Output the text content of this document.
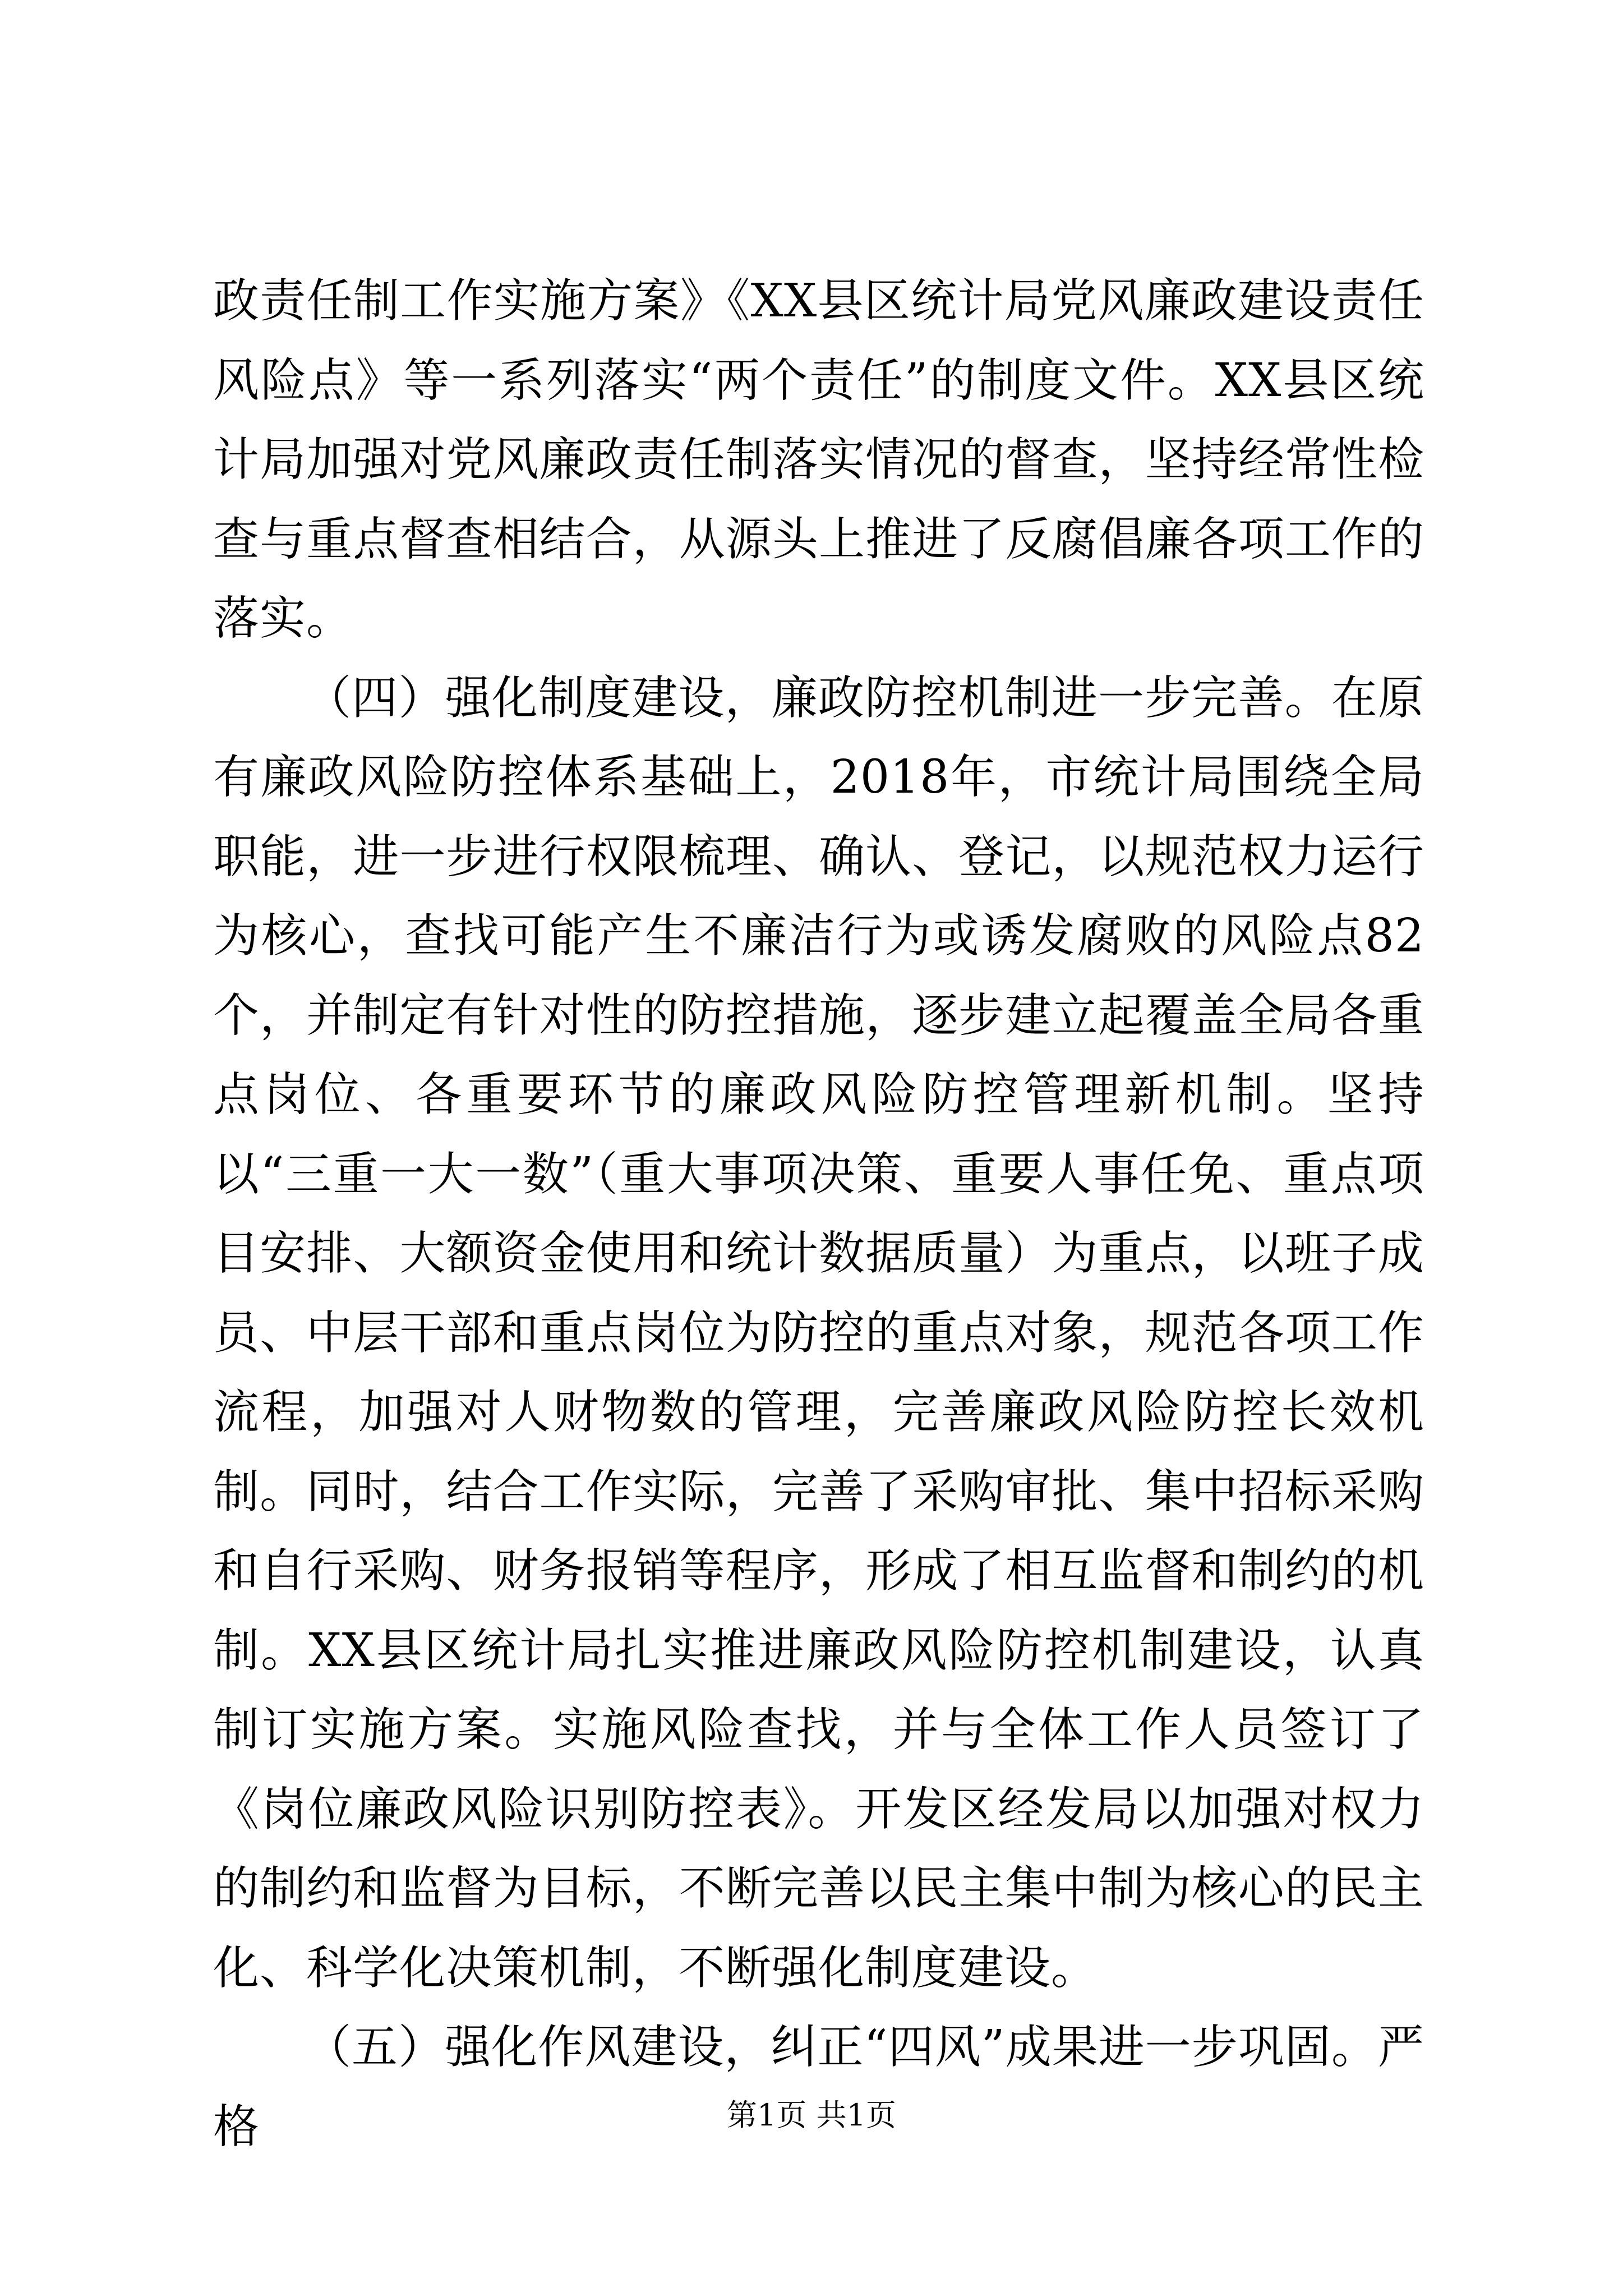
政责任制工作实施方案》《XX县区统计局党风廉政建设责任风险点》等一系列落实“两个责任”的制度文件。XX县区统计局加强对党风廉政责任制落实情况的督查，坚持经常性检查与重点督查相结合，从源头上推进了反腐倡廉各项工作的落实。

（四）强化制度建设，廉政防控机制进一步完善。在原有廉政风险防控体系基础上，2018年，市统计局围绕全局职能，进一步进行权限梳理、确认、登记，以规范权力运行为核心，查找可能产生不廉洁行为或诱发腐败的风险点82个，并制定有针对性的防控措施，逐步建立起覆盖全局各重点岗位、各重要环节的廉政风险防控管理新机制。坚持以“三重一大一数”（重大事项决策、重要人事任免、重点项目安排、大额资金使用和统计数据质量）为重点，以班子成员、中层干部和重点岗位为防控的重点对象，规范各项工作流程，加强对人财物数的管理，完善廉政风险防控长效机制。同时，结合工作实际，完善了采购审批、集中招标采购和自行采购、财务报销等程序，形成了相互监督和制约的机制。XX县区统计局扎实推进廉政风险防控机制建设，认真制订实施方案。实施风险查找，并与全体工作人员签订了《岗位廉政风险识别防控表》。开发区经发局以加强对权力的制约和监督为目标，不断完善以民主集中制为核心的民主化、科学化决策机制，不断强化制度建设。

（五）强化作风建设，纠正“四风”成果进一步巩固。严格	第1页 共1页
